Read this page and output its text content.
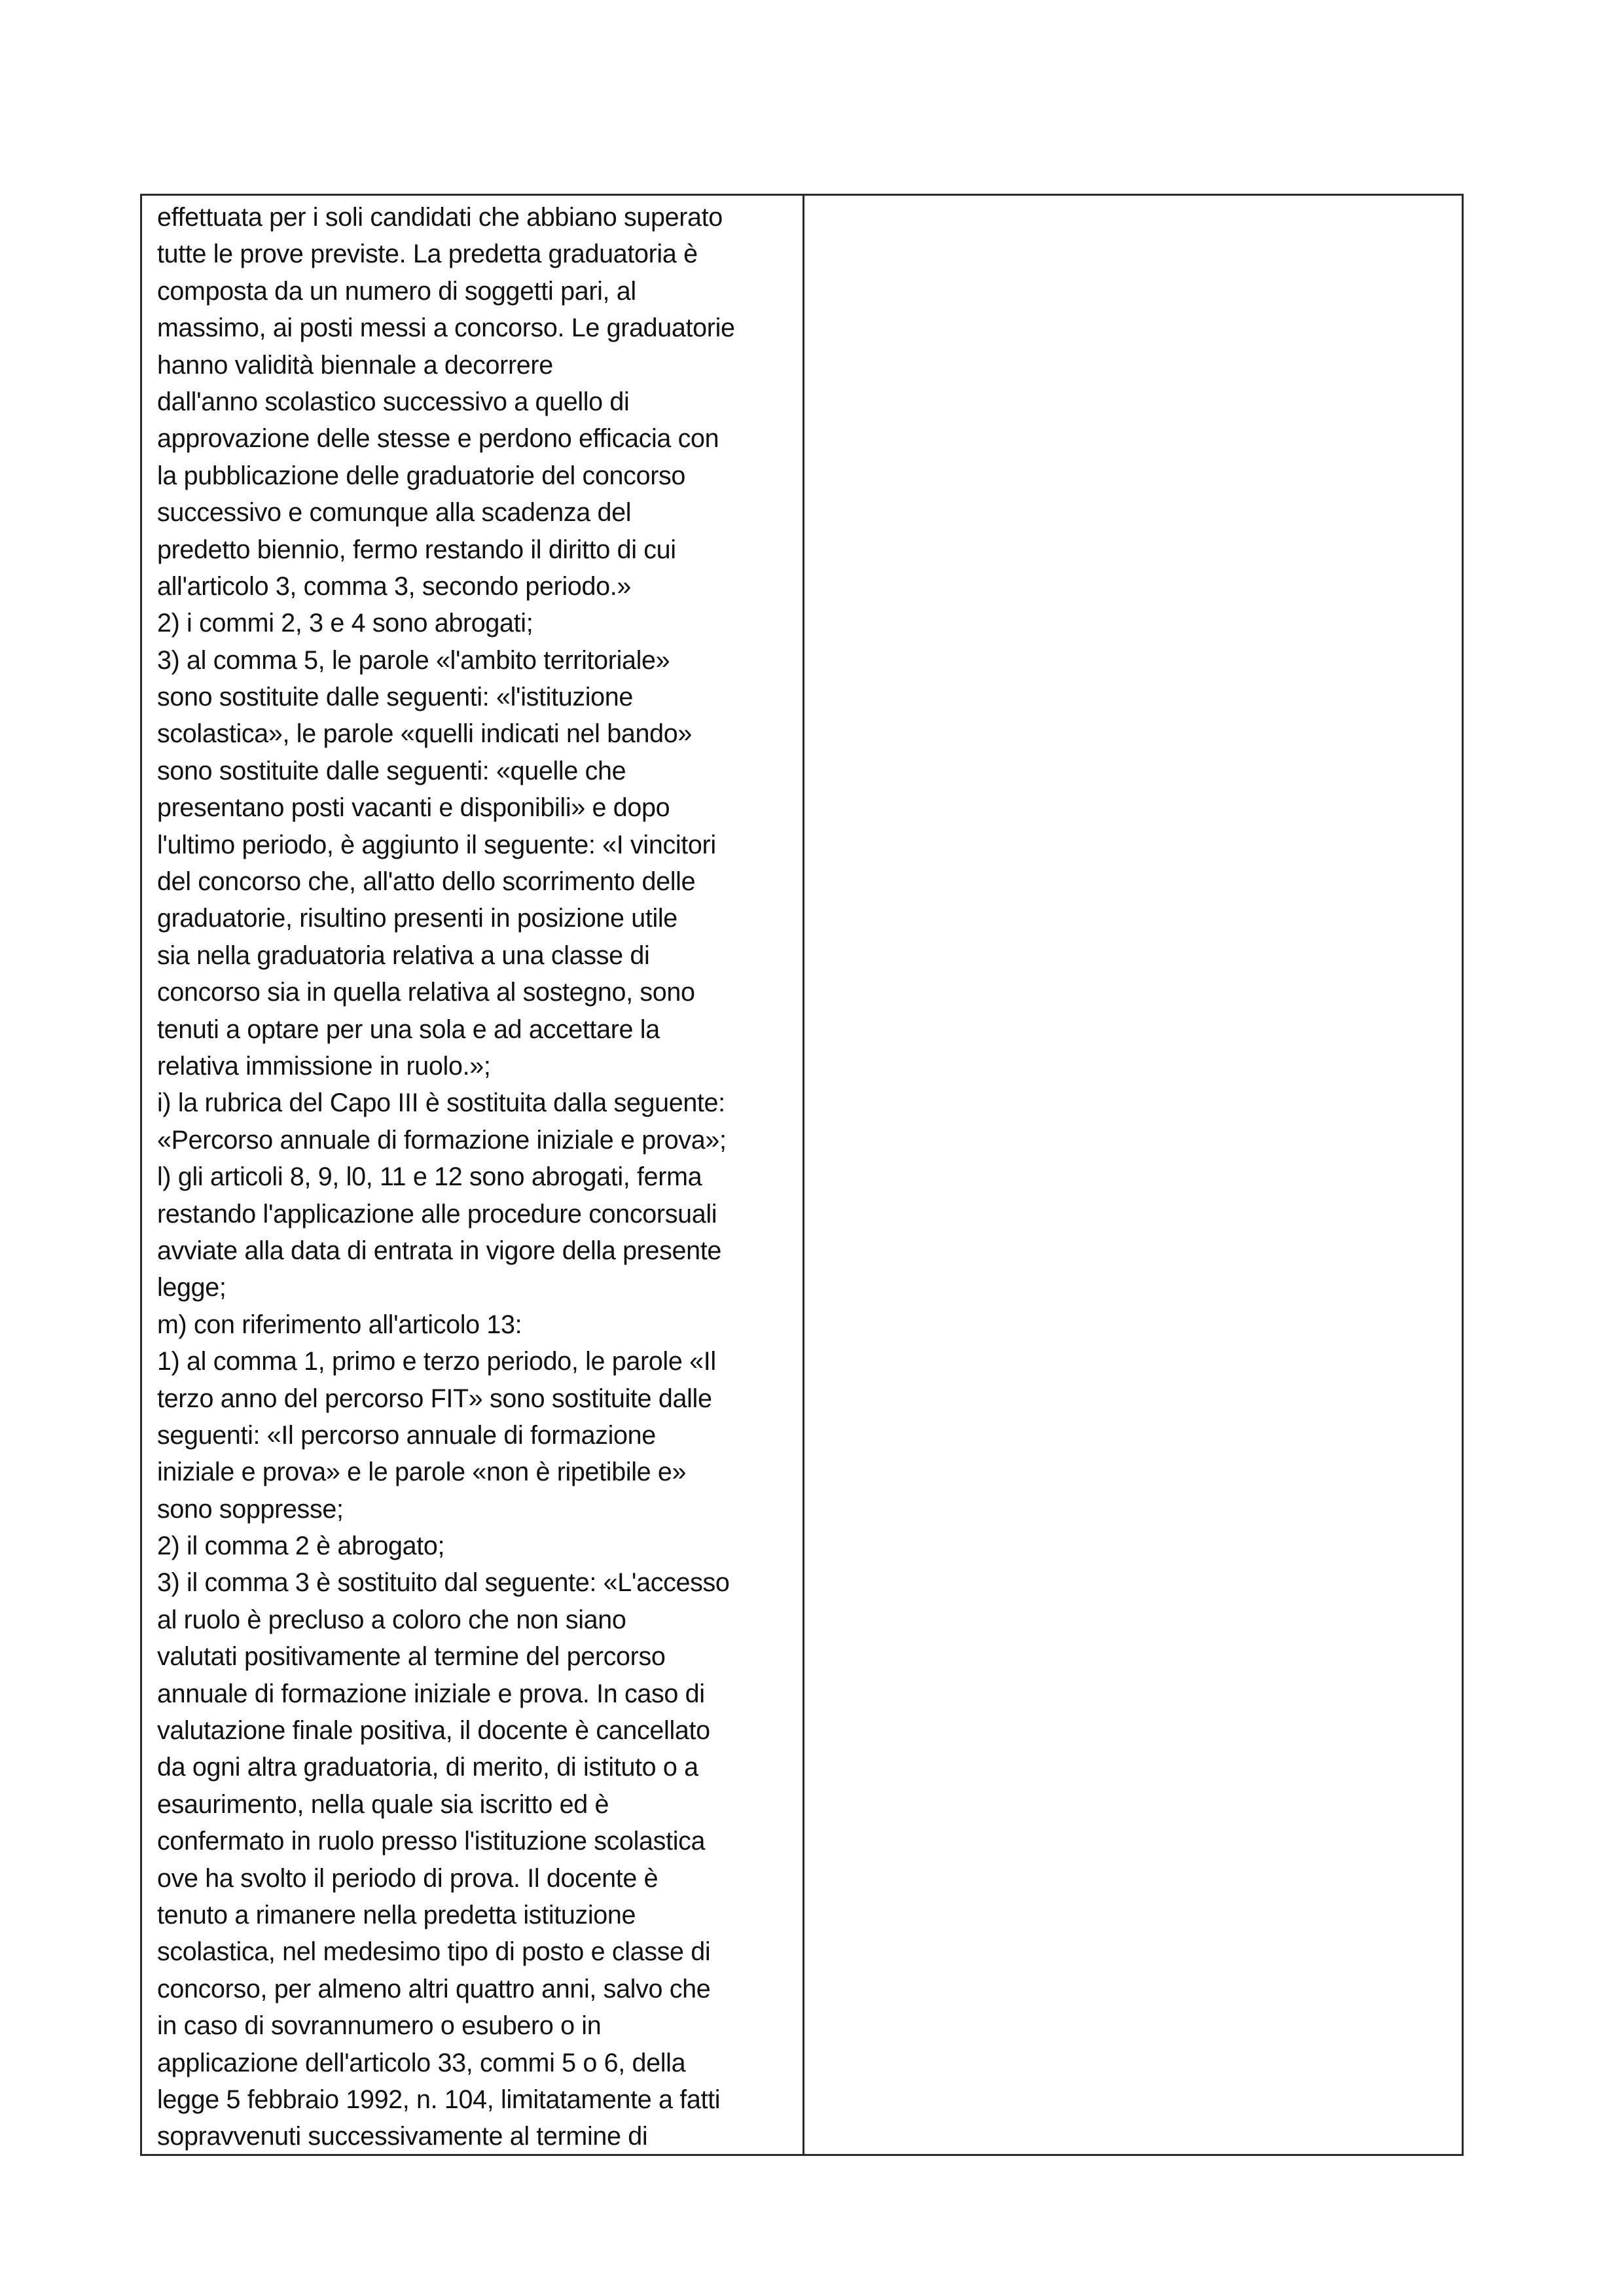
effettuata per i soli candidati che abbiano superato
tutte le prove previste. La predetta graduatoria è
composta da un numero di soggetti pari, al
massimo, ai posti messi a concorso. Le graduatorie
hanno validità biennale a decorrere
dall'anno scolastico successivo a quello di
approvazione delle stesse e perdono efficacia con
la pubblicazione delle graduatorie del concorso
successivo e comunque alla scadenza del
predetto biennio, fermo restando il diritto di cui
all'articolo 3, comma 3, secondo periodo.»
2) i commi 2, 3 e 4 sono abrogati;
3) al comma 5, le parole «l'ambito territoriale»
sono sostituite dalle seguenti: «l'istituzione
scolastica», le parole «quelli indicati nel bando»
sono sostituite dalle seguenti: «quelle che
presentano posti vacanti e disponibili» e dopo
l'ultimo periodo, è aggiunto il seguente: «I vincitori
del concorso che, all'atto dello scorrimento delle
graduatorie, risultino presenti in posizione utile
sia nella graduatoria relativa a una classe di
concorso sia in quella relativa al sostegno, sono
tenuti a optare per una sola e ad accettare la
relativa immissione in ruolo.»;
i) la rubrica del Capo III è sostituita dalla seguente:
«Percorso annuale di formazione iniziale e prova»;
l) gli articoli 8, 9, l0, 11 e 12 sono abrogati, ferma
restando l'applicazione alle procedure concorsuali
avviate alla data di entrata in vigore della presente
legge;
m) con riferimento all'articolo 13:
1) al comma 1, primo e terzo periodo, le parole «Il
terzo anno del percorso FIT» sono sostituite dalle
seguenti: «Il percorso annuale di formazione
iniziale e prova» e le parole «non è ripetibile e»
sono soppresse;
2) il comma 2 è abrogato;
3) il comma 3 è sostituito dal seguente: «L'accesso
al ruolo è precluso a coloro che non siano
valutati positivamente al termine del percorso
annuale di formazione iniziale e prova. In caso di
valutazione finale positiva, il docente è cancellato
da ogni altra graduatoria, di merito, di istituto o a
esaurimento, nella quale sia iscritto ed è
confermato in ruolo presso l'istituzione scolastica
ove ha svolto il periodo di prova. Il docente è
tenuto a rimanere nella predetta istituzione
scolastica, nel medesimo tipo di posto e classe di
concorso, per almeno altri quattro anni, salvo che
in caso di sovrannumero o esubero o in
applicazione dell'articolo 33, commi 5 o 6, della
legge 5 febbraio 1992, n. 104, limitatamente a fatti
sopravvenuti successivamente al termine di
